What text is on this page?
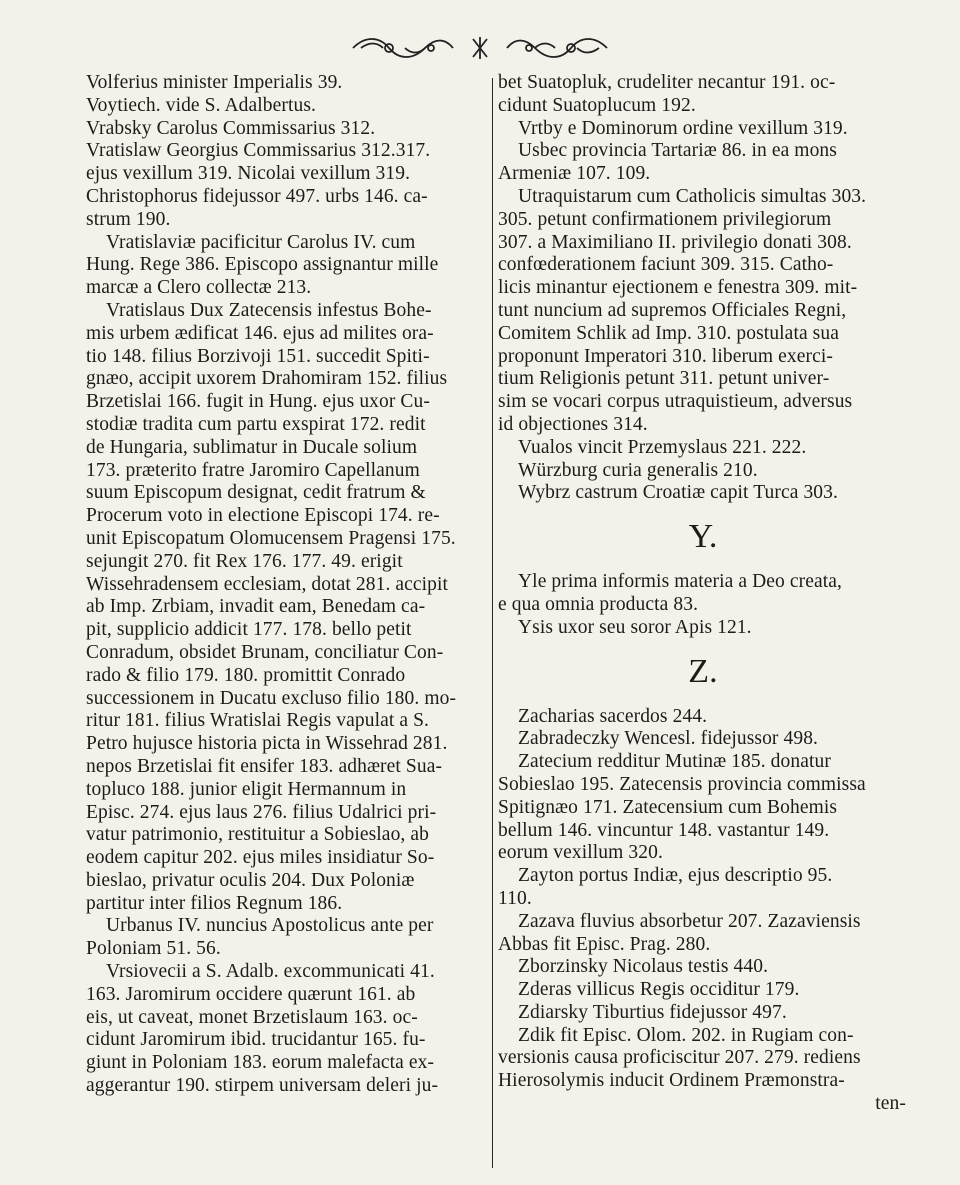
Volferius minister Imperialis 39.
Voytiech. vide S. Adalbertus.
Vrabsky Carolus Commissarius 312.
Vratislaw Georgius Commissarius 312.317.
ejus vexillum 319. Nicolai vexillum 319.
Christophorus fidejussor 497. urbs 146. ca-
strum 190.
Vratislaviæ pacificitur Carolus IV. cum
Hung. Rege 386. Episcopo assignantur mille
marcæ a Clero collectæ 213.
Vratislaus Dux Zatecensis infestus Bohe-
mis urbem ædificat 146. ejus ad milites ora-
tio 148. filius Borzivoji 151. succedit Spiti-
gnæo, accipit uxorem Drahomiram 152. filius
Brzetislai 166. fugit in Hung. ejus uxor Cu-
stodiæ tradita cum partu exspirat 172. redit
de Hungaria, sublimatur in Ducale solium
173. præterito fratre Jaromiro Capellanum
suum Episcopum designat, cedit fratrum &
Procerum voto in electione Episcopi 174. re-
unit Episcopatum Olomucensem Pragensi 175.
sejungit 270. fit Rex 176. 177. 49. erigit
Wissehradensem ecclesiam, dotat 281. accipit
ab Imp. Zrbiam, invadit eam, Benedam ca-
pit, supplicio addicit 177. 178. bello petit
Conradum, obsidet Brunam, conciliatur Con-
rado & filio 179. 180. promittit Conrado
successionem in Ducatu excluso filio 180. mo-
ritur 181. filius Wratislai Regis vapulat a S.
Petro hujusce historia picta in Wissehrad 281.
nepos Brzetislai fit ensifer 183. adhæret Sua-
topluco 188. junior eligit Hermannum in
Episc. 274. ejus laus 276. filius Udalrici pri-
vatur patrimonio, restituitur a Sobieslao, ab
eodem capitur 202. ejus miles insidiatur So-
bieslao, privatur oculis 204. Dux Poloniæ
partitur inter filios Regnum 186.
Urbanus IV. nuncius Apostolicus ante per
Poloniam 51. 56.
Vrsiovecii a S. Adalb. excommunicati 41.
163. Jaromirum occidere quærunt 161. ab
eis, ut caveat, monet Brzetislaum 163. oc-
cidunt Jaromirum ibid. trucidantur 165. fu-
giunt in Poloniam 183. eorum malefacta ex-
aggerantur 190. stirpem universam deleri ju-
bet Suatopluk, crudeliter necantur 191. oc-
cidunt Suatoplucum 192.
Vrtby e Dominorum ordine vexillum 319.
Usbec provincia Tartariæ 86. in ea mons
Armeniæ 107. 109.
Utraquistarum cum Catholicis simultas 303.
305. petunt confirmationem privilegiorum
307. a Maximiliano II. privilegio donati 308.
confœderationem faciunt 309. 315. Catho-
licis minantur ejectionem e fenestra 309. mit-
tunt nuncium ad supremos Officiales Regni,
Comitem Schlik ad Imp. 310. postulata sua
proponunt Imperatori 310. liberum exerci-
tium Religionis petunt 311. petunt univer-
sim se vocari corpus utraquistieum, adversus
id objectiones 314.
Vualos vincit Przemyslaus 221. 222.
Würzburg curia generalis 210.
Wybrz castrum Croatiæ capit Turca 303.
Y.
Yle prima informis materia a Deo creata,
e qua omnia producta 83.
Ysis uxor seu soror Apis 121.
Z.
Zacharias sacerdos 244.
Zabradeczky Wencesl. fidejussor 498.
Zatecium redditur Mutinæ 185. donatur
Sobieslao 195. Zatecensis provincia commissa
Spitignæo 171. Zatecensium cum Bohemis
bellum 146. vincuntur 148. vastantur 149.
eorum vexillum 320.
Zayton portus Indiæ, ejus descriptio 95.
110.
Zazava fluvius absorbetur 207. Zazaviensis
Abbas fit Episc. Prag. 280.
Zborzinsky Nicolaus testis 440.
Zderas villicus Regis occiditur 179.
Zdiarsky Tiburtius fidejussor 497.
Zdik fit Episc. Olom. 202. in Rugiam con-
versionis causa proficiscitur 207. 279. rediens
Hierosolymis inducit Ordinem Præmonstra-
ten-
